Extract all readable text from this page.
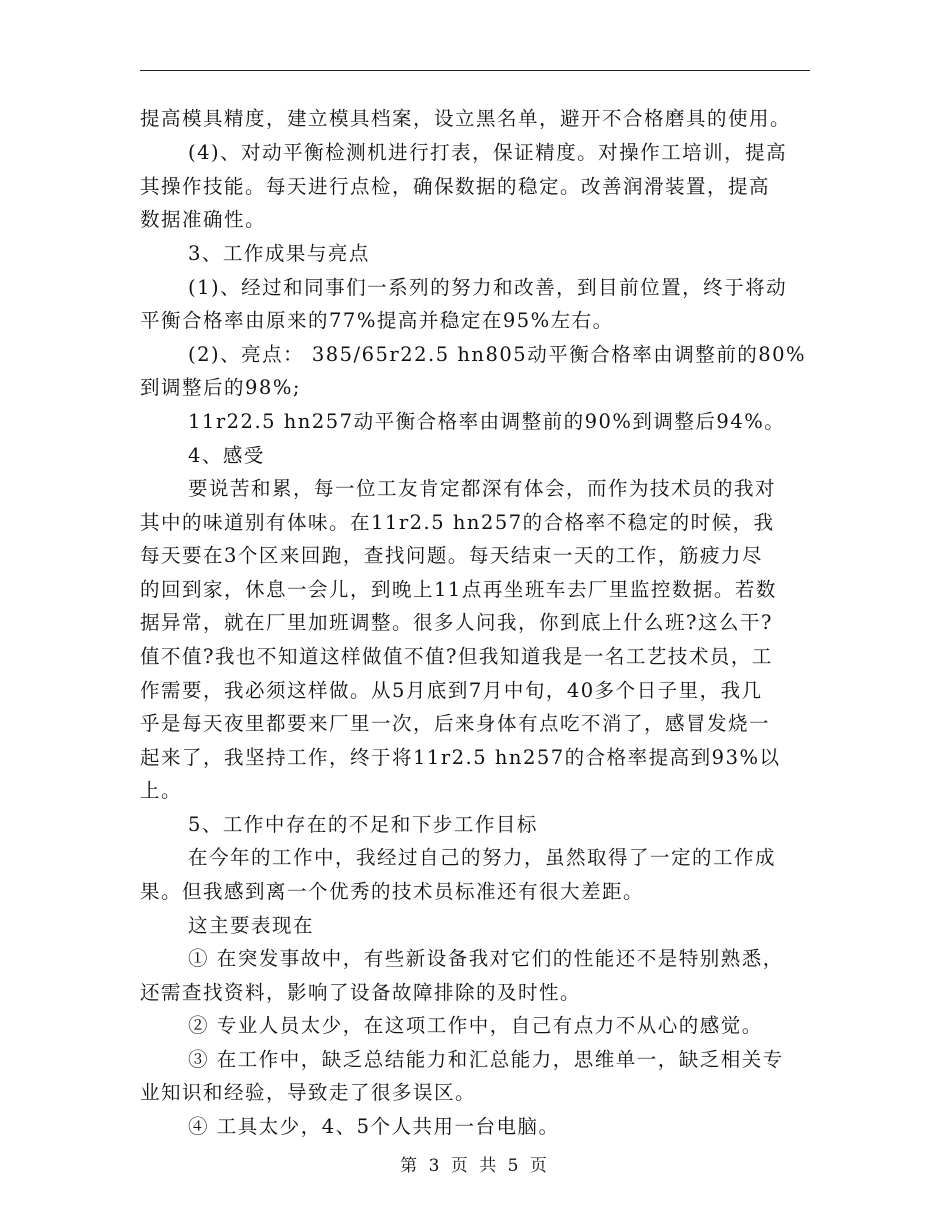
提高模具精度，建立模具档案，设立黑名单，避开不合格磨具的使用。
(4)、对动平衡检测机进行打表，保证精度。对操作工培训，提高
其操作技能。每天进行点检，确保数据的稳定。改善润滑装置，提高
数据准确性。
3、工作成果与亮点
(1)、经过和同事们一系列的努力和改善，到目前位置，终于将动
平衡合格率由原来的77%提高并稳定在95%左右。
(2)、亮点： 385/65r22.5 hn805动平衡合格率由调整前的80%
到调整后的98%;
11r22.5 hn257动平衡合格率由调整前的90%到调整后94%。
4、感受
要说苦和累，每一位工友肯定都深有体会，而作为技术员的我对
其中的味道别有体味。在11r2.5 hn257的合格率不稳定的时候，我
每天要在3个区来回跑，查找问题。每天结束一天的工作，筋疲力尽
的回到家，休息一会儿，到晚上11点再坐班车去厂里监控数据。若数
据异常，就在厂里加班调整。很多人问我，你到底上什么班?这么干?
值不值?我也不知道这样做值不值?但我知道我是一名工艺技术员，工
作需要，我必须这样做。从5月底到7月中旬，40多个日子里，我几
乎是每天夜里都要来厂里一次，后来身体有点吃不消了，感冒发烧一
起来了，我坚持工作，终于将11r2.5 hn257的合格率提高到93%以
上。
5、工作中存在的不足和下步工作目标
在今年的工作中，我经过自己的努力，虽然取得了一定的工作成
果。但我感到离一个优秀的技术员标准还有很大差距。
这主要表现在
① 在突发事故中，有些新设备我对它们的性能还不是特别熟悉，
还需查找资料，影响了设备故障排除的及时性。
② 专业人员太少，在这项工作中，自己有点力不从心的感觉。
③ 在工作中，缺乏总结能力和汇总能力，思维单一，缺乏相关专
业知识和经验，导致走了很多误区。
④ 工具太少，4、5个人共用一台电脑。
第 3 页 共 5 页
